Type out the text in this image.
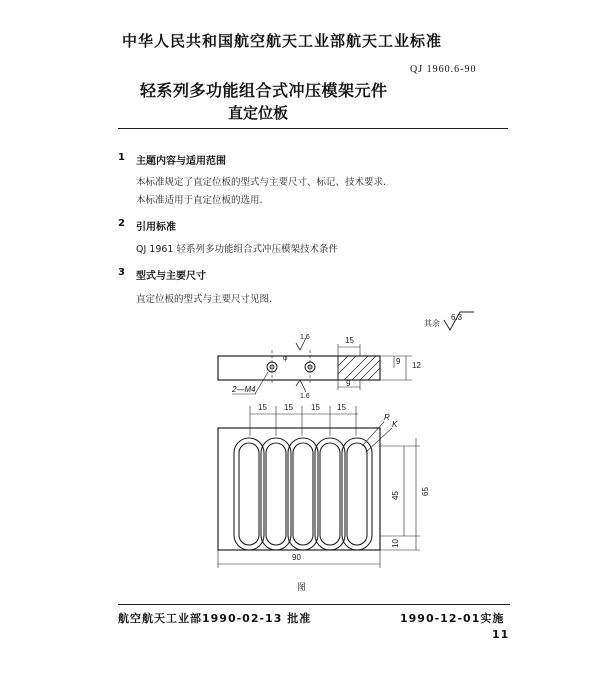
中华人民共和国航空航天工业部航天工业标准
QJ 1960.6-90
轻系列多功能组合式冲压模架元件
直定位板
1 主题内容与适用范围
本标准规定了直定位板的型式与主要尺寸、标记、技术要求.
本标准适用于直定位板的选用.
2 引用标准
QJ 1961 轻系列多功能组合式冲压模架技术条件
3 型式与主要尺寸
直定位板的型式与主要尺寸见图.
其余
6.3
15
1.6
1.6
φ
2—M4
12
9
9
15 15 15 15
R
K
45	65
10
90
图
航空航天工业部1990-02-13 批准	1990-12-01实施
11
